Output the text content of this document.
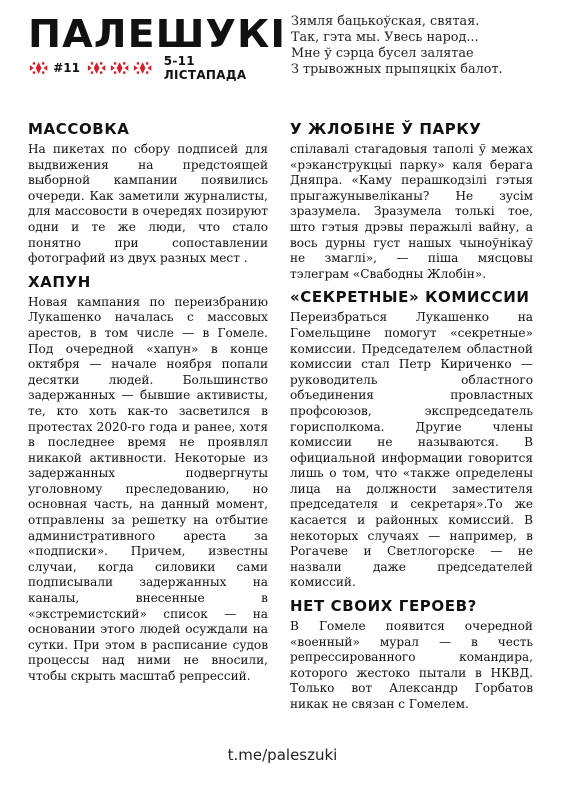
ПАЛЕШУКІ
#11	5-11 ЛІСТАПАДА
Зямля бацькоўская, святая.
Так, гэта мы. Увесь народ...
Мне ў сэрца бусел залятае
З трывожных прыпяцкіх балот.
МАССОВКА

На пикетах по сбору подписей для выдвижения на предстоящей выборной кампании появились очереди. Как заметили журналисты, для массовости в очередях позируют одни и те же люди, что стало понятно при сопоставлении фотографий из двух разных мест .

ХАПУН

Новая кампания по переизбранию Лукашенко началась с массовых арестов, в том числе — в Гомеле. Под очередной «хапун» в конце октября — начале ноября попали десятки людей. Большинство задержанных — бывшие активисты, те, кто хоть как-то засветился в протестах 2020-го года и ранее, хотя в последнее время не проявлял никакой активности. Некоторые из задержанных подвергнуты уголовному преследованию, но основная часть, на данный момент, отправлены за решетку на отбытие административного ареста за «подписки». Причем, известны случаи, когда силовики сами подписывали задержанных на каналы, внесенные в «экстремистский» список — на основании этого людей осуждали на сутки. При этом в расписание судов процессы над ними не вносили, чтобы скрыть масштаб репрессий.

У ЖЛОБІНЕ Ў ПАРКУ

спілавалі стагадовыя таполі ў межах «рэканструкцыі парку» каля берага Дняпра. «Каму перашкодзілі гэтыя прыгажунывеліканы? Не зусім зразумела. Зразумела толькі тое, што гэтыя дрэвы перажылі вайну, а вось дурны густ нашых чыноўнікаў не змаглі», — піша мясцовы тэлеграм «Свабодны Жлобін».

«СЕКРЕТНЫЕ» КОМИССИИ

Переизбраться Лукашенко на Гомельщине помогут «секретные» комиссии. Председателем областной комиссии стал Петр Кириченко — руководитель областного объединения провластных профсоюзов, экспредседатель горисполкома. Другие члены комиссии не называются. В официальной информации говорится лишь о том, что «также определены лица на должности заместителя председателя и секретаря».То же касается и районных комиссий. В некоторых случаях — например, в Рогачеве и Светлогорске — не назвали даже председателей комиссий.

НЕТ СВОИХ ГЕРОЕВ?

В Гомеле появится очередной «военный» мурал — в честь репрессированного командира, которого жестоко пытали в НКВД. Только вот Александр Горбатов никак не связан с Гомелем.

t.me/paleszuki
